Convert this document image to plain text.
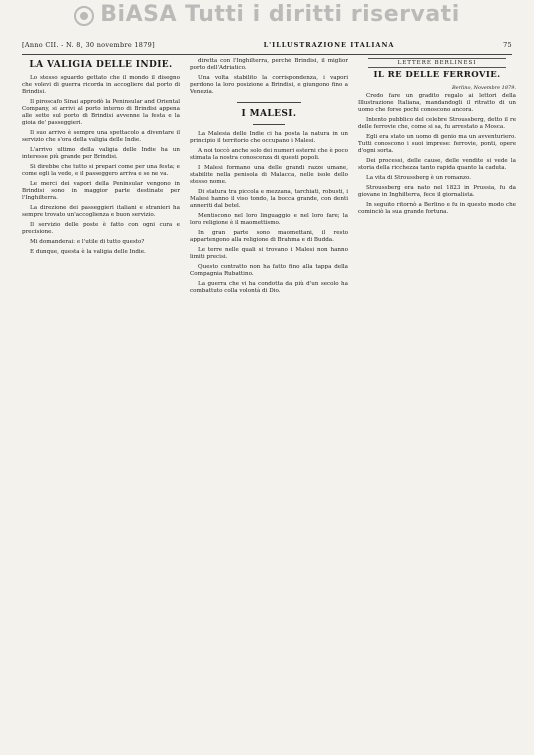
BiASA Tutti i diritti riservati
[Anno CII. - N. 8, 30 novembre 1879]	L'ILLUSTRAZIONE ITALIANA	75
LA VALIGIA DELLE INDIE.

Lo stesso sguardo gettato che il mondo il disegno che volevi di guerra ricorda in accogliere dal porto di Brindisi.

Il piroscafo Sinai approdò la Peninsular and Oriental Company, si arrivi al porto interno di Brindisi appena alle sette sul porto di Brindisi avvenne la festa e la gioia de' passeggieri.

Il suo arrivo è sempre una spettacolo a diventare il servizio che s'ora della valigia delle Indie.

L'arrivo ultimo della valigia delle Indie ha un interesse più grande per Brindisi.

Si direbbe che tutto si prepari come per una festa; e come egli la vede, e il passeggero arriva e se ne va.

Le merci dei vapori della Peninsular vengono in Brindisi sono in maggior parte destinate per l'Inghilterra.

La direzione dei passeggieri italiani e stranieri ha sempre trovato un'accoglienza e buon servizio.

Il servizio delle poste è fatto con ogni cura e precisione.

Mi domanderai: e l'utile di tutto questo?

E dunque, questa è la valigia delle Indie.

diretta con l'Inghilterra, perchè Brindisi, il miglior porto dell'Adriatico.

Una volta stabilito la corrispondenza, i vapori perdono la loro posizione a Brindisi, e giungono fino a Venezia.

I MALESI.

La Malesia delle Indie ci ha posta la natura in un principio il territorio che occupano i Malesi.

A noi toccò anche solo dei numeri esterni che è poco stimata la nostra conoscenza di questi popoli.

I Malesi formano una delle grandi razze umane, stabilite nella penisola di Malacca, nelle isole dello stesso nome.

Di statura tra piccola e mezzana, tarchiati, robusti, i Malesi hanno il viso tondo, la bocca grande, con denti anneriti dal betel.

Mentiscono nel loro linguaggio e nel loro fare; la loro religione è il maomettismo.

In gran parte sono maomettani, il resto appartengono alla religione di Brahma e di Budda.

Le terre nelle quali si trovano i Malesi non hanno limiti precisi.

Questo contratto non ha fatto fino alla tappa della Compagnia Rubattino.

La guerra che vi ha condotta da più d'un secolo ha combattuto colla volontà di Dio.

LETTERE BERLINESI
IL RE DELLE FERROVIE.
Berlino, Novembre 1879.

Credo fare un gradito regalo ai lettori della Illustrazione Italiana, mandandogli il ritratto di un uomo che forse pochi conoscono ancora.

Intento pubblico del celebre Stroussberg, detto il re delle ferrovie che, come si sa, fu arrestato a Mosca.

Egli era stato un uomo di genio ma un avventuriero. Tutti conoscono i suoi imprese: ferrovie, ponti, opere d'ogni sorta.

Dei processi, delle cause, delle vendite si vede la storia della ricchezza tanto rapida quanto la caduta.

La vita di Stroussberg è un romanzo.

Stroussberg era nato nel 1823 in Prussia, fu da giovane in Inghilterra, fece il giornalista.

In seguito ritornò a Berlino e fu in questo modo che cominciò la sua grande fortuna.
